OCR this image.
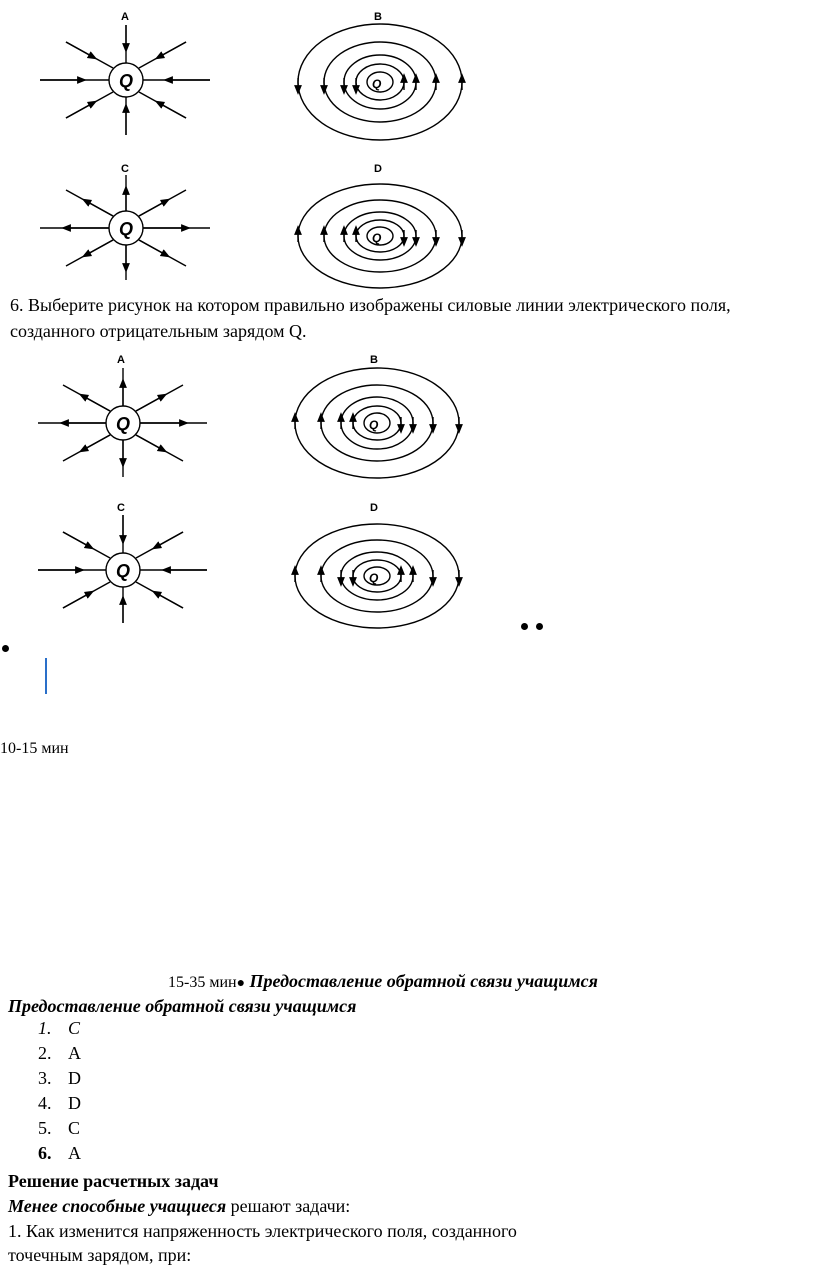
A
Q
B
Q
C
Q
D
Q
6. Выберите рисунок на котором правильно изображены силовые линии электрического поля,
созданного отрицательным зарядом Q.
A
Q
B
Q
C
Q
D
Q
10-15 мин
15-35 мин● Предоставление обратной связи учащимся
Предоставление обратной связи учащимся
1. C
2. A
3. D
4. D
5. C
6. A
Решение расчетных задач
Менее способные учащиеся решают задачи:
1. Как изменится напряженность электрического поля, созданного
точечным зарядом, при:
